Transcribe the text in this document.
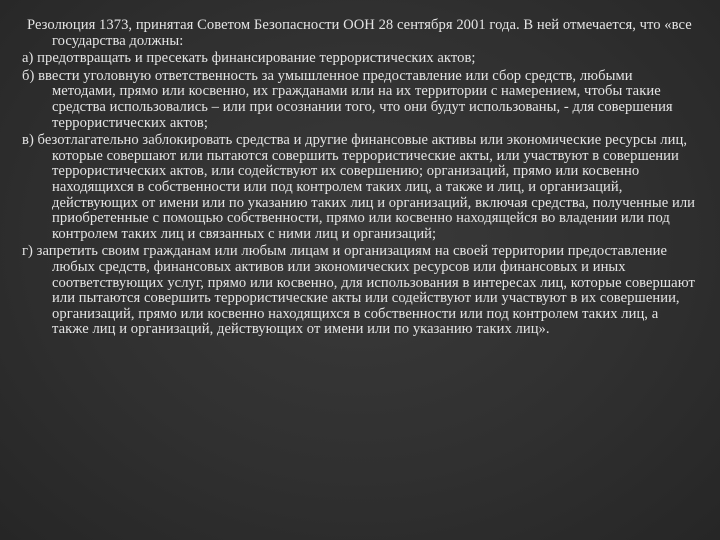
Резолюция 1373, принятая Советом Безопасности ООН 28 сентября 2001 года. В ней отмечается, что «все государства должны:

а) предотвращать и пресекать финансирование террористических актов;

б) ввести уголовную ответственность за умышленное предоставление или сбор средств, любыми методами, прямо или косвенно, их гражданами или на их территории с намерением, чтобы такие средства использовались – или при осознании того, что они будут использованы, - для совершения террористических актов;

в) безотлагательно заблокировать средства и другие финансовые активы или экономические ресурсы лиц, которые совершают или пытаются совершить террористические акты, или участвуют в совершении террористических актов, или содействуют их совершению; организаций, прямо или косвенно находящихся в собственности или под контролем таких лиц, а также и лиц, и организаций, действующих от имени или по указанию таких лиц и организаций, включая средства, полученные или приобретенные с помощью собственности, прямо или косвенно находящейся во владении или под контролем таких лиц и связанных с ними лиц и организаций;

г) запретить своим гражданам или любым лицам и организациям на своей территории предоставление любых средств, финансовых активов или экономических ресурсов или финансовых и иных соответствующих услуг, прямо или косвенно, для использования в интересах лиц, которые совершают или пытаются совершить террористические акты или содействуют или участвуют в их совершении, организаций, прямо или косвенно находящихся в собственности или под контролем таких лиц, а также лиц и организаций, действующих от имени или по указанию таких лиц».
